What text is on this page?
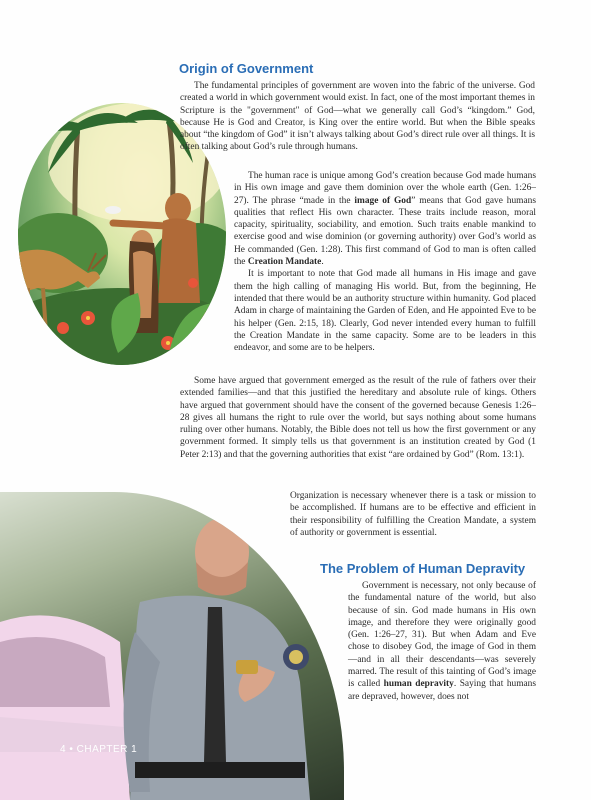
Origin of Government

The fundamental principles of government are woven into the fabric of the universe. God created a world in which government would exist. In fact, one of the most important themes in Scripture is the "government" of God—what we generally call God’s “kingdom.” God, because He is God and Creator, is King over the entire world. But when the Bible speaks about “the kingdom of God” it isn’t always talking about God’s direct rule over all things. It is often talking about God’s rule through humans.

The human race is unique among God’s creation because God made humans in His own image and gave them dominion over the whole earth (Gen. 1:26–27). The phrase “made in the image of God” means that God gave humans qualities that reflect His own character. These traits include reason, moral capacity, spirituality, sociability, and emotion. Such traits enable mankind to exercise good and wise dominion (or governing authority) over God’s world as He commanded (Gen. 1:28). This first command of God to man is often called the Creation Mandate.

It is important to note that God made all humans in His image and gave them the high calling of managing His world. But, from the beginning, He intended that there would be an authority structure within humanity. God placed Adam in charge of maintaining the Garden of Eden, and He appointed Eve to be his helper (Gen. 2:15, 18). Clearly, God never intended every human to fulfill the Creation Mandate in the same capacity. Some are to be leaders in this endeavor, and some are to be helpers.

Some have argued that government emerged as the result of the rule of fathers over their extended families—and that this justified the hereditary and absolute rule of kings. Others have argued that government should have the consent of the governed because Genesis 1:26–28 gives all humans the right to rule over the world, but says nothing about some humans ruling over other humans. Notably, the Bible does not tell us how the first government or any government formed. It simply tells us that government is an institution created by God (1 Peter 2:13) and that the governing authorities that exist “are ordained by God” (Rom. 13:1).

Organization is necessary whenever there is a task or mission to be accomplished. If humans are to be effective and efficient in their responsibility of fulfilling the Creation Mandate, a system of authority or government is essential.

The Problem of Human Depravity

Government is necessary, not only because of the fundamental nature of the world, but also because of sin. God made humans in His own image, and therefore they were originally good (Gen. 1:26–27, 31). But when Adam and Eve chose to disobey God, the image of God in them—and in all their descendants—was severely marred. The result of this tainting of God’s image is called human depravity. Saying that humans are depraved, however, does not

4 • CHAPTER 1
